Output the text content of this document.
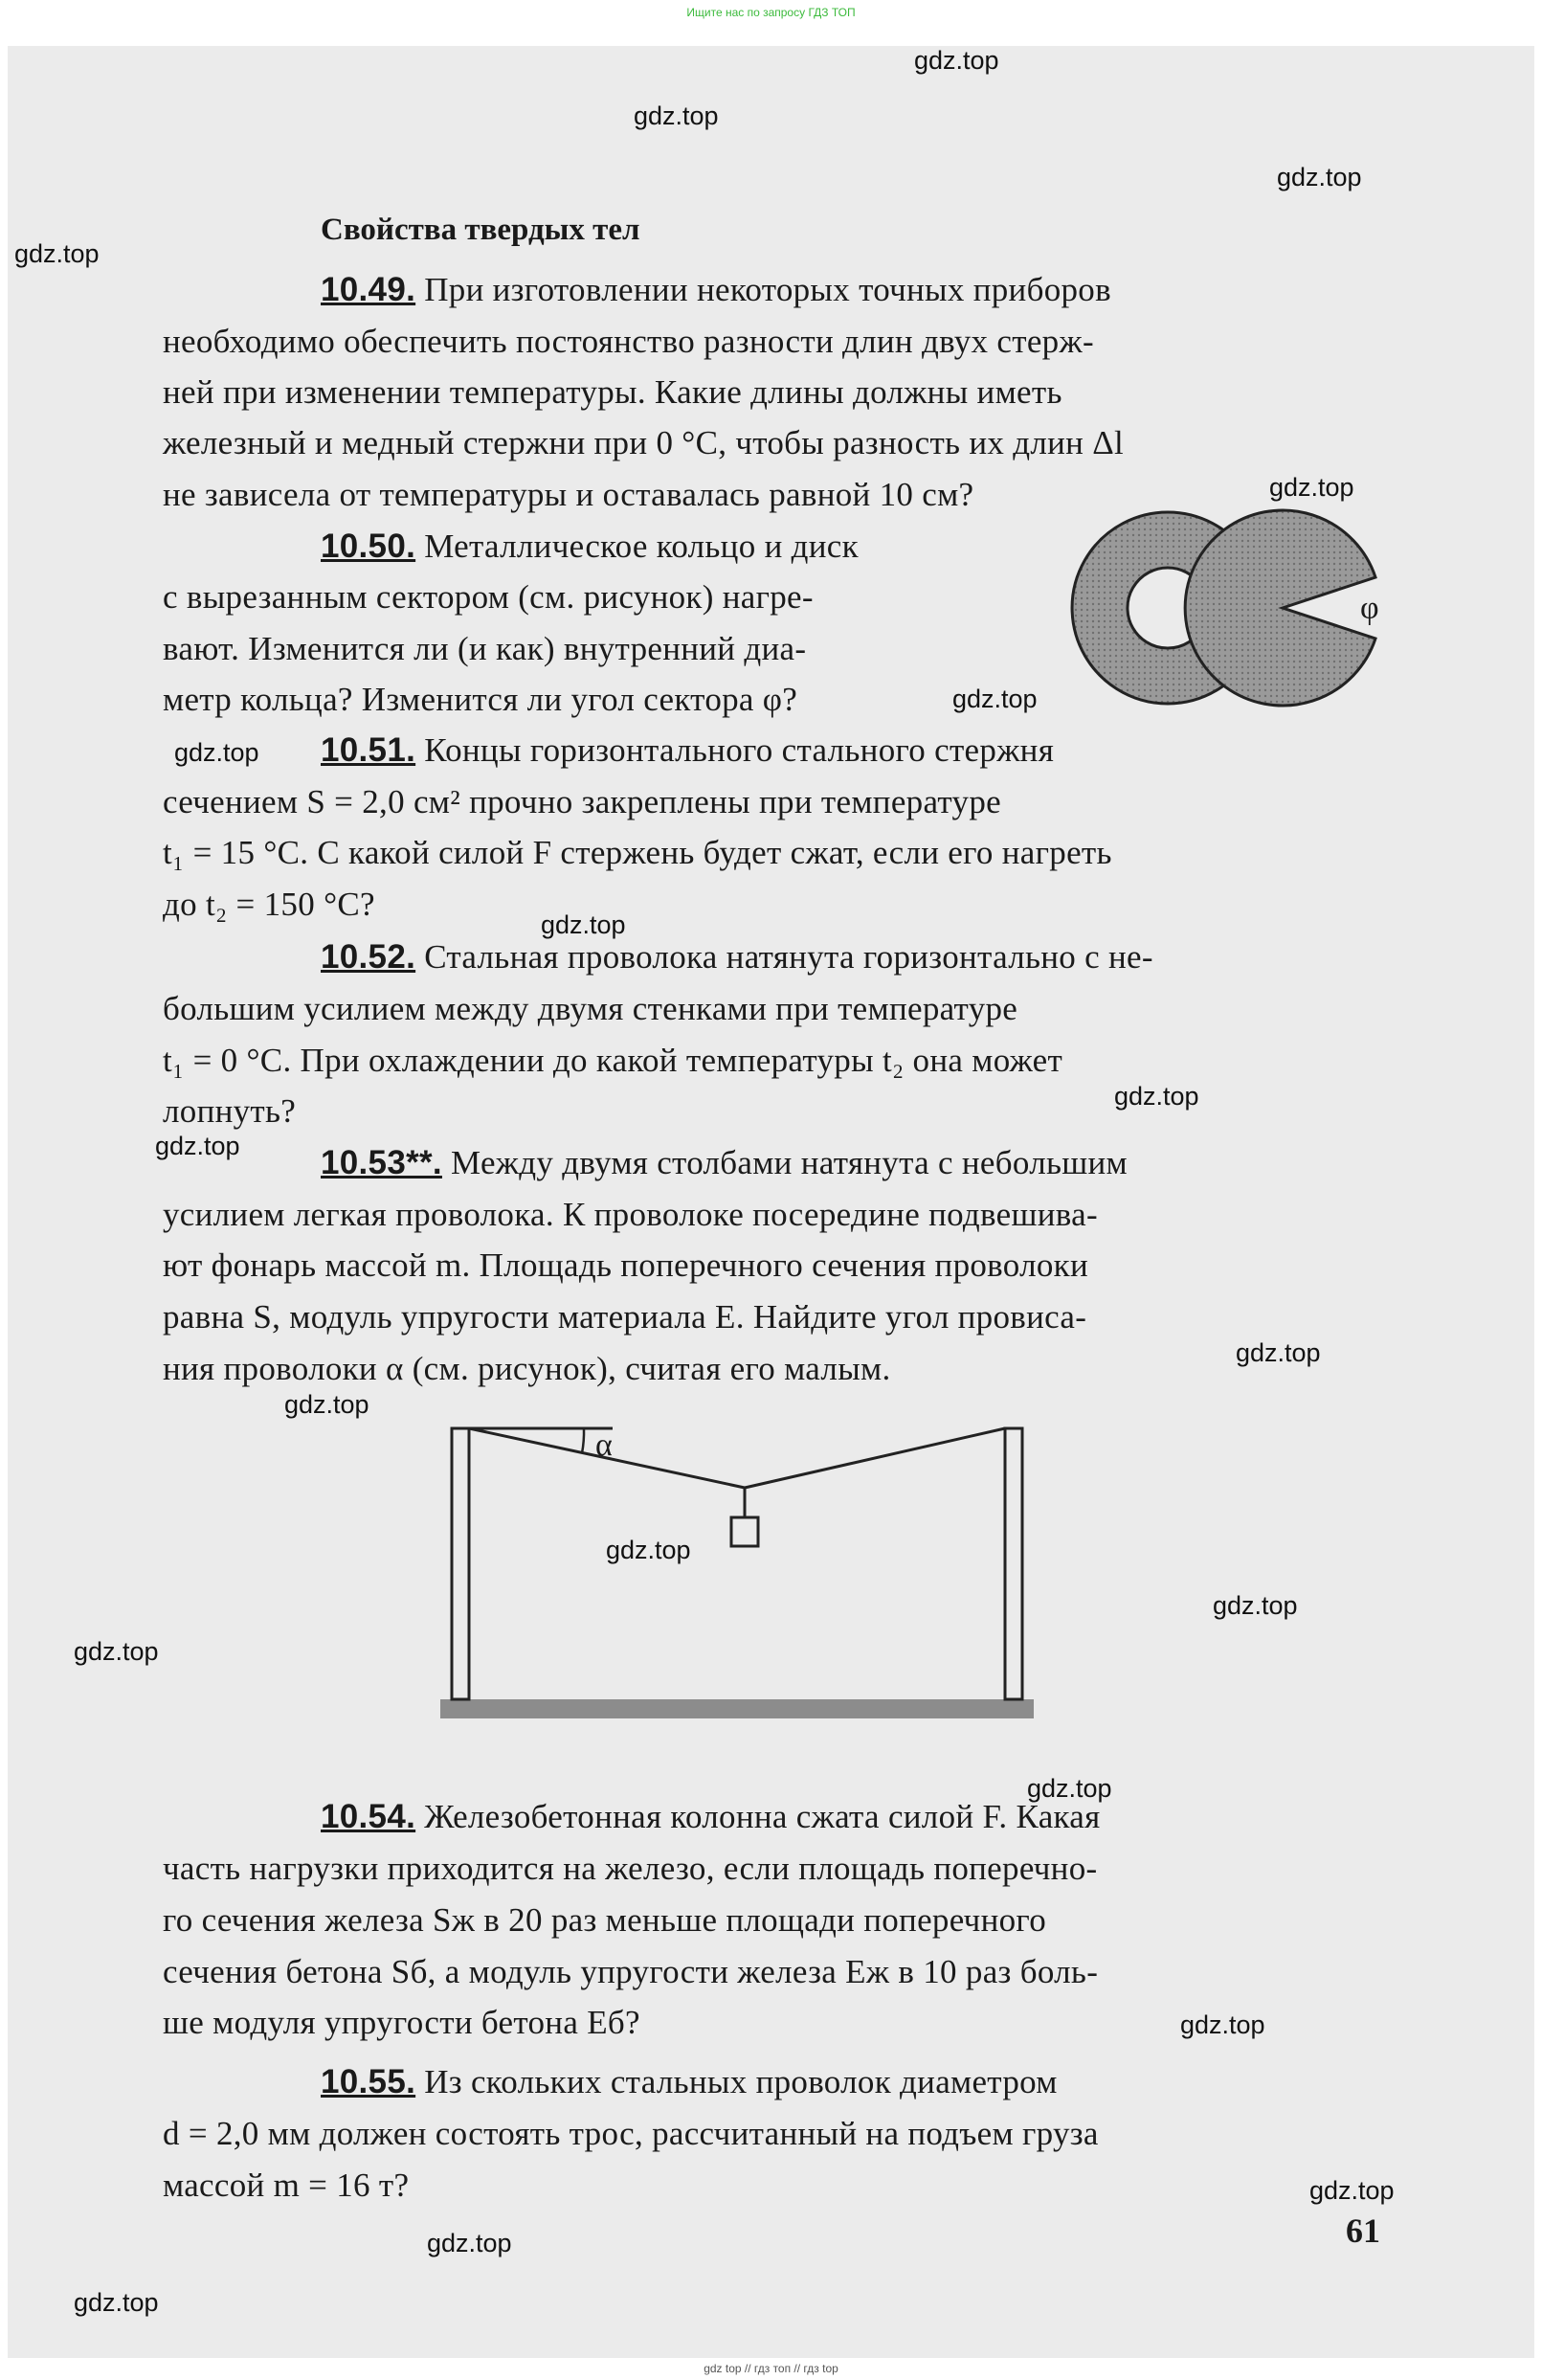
Ищите нас по запросу ГДЗ ТОП
gdz.top
gdz.top
gdz.top
gdz.top
gdz.top
gdz.top
gdz.top
gdz.top
gdz.top
gdz.top
gdz.top
gdz.top
gdz.top
gdz.top
gdz.top
gdz.top
gdz.top
gdz.top
gdz.top
gdz.top
Свойства твердых тел
10.49. При изготовлении некоторых точных приборов
необходимо обеспечить постоянство разности длин двух стерж-
ней при изменении температуры. Какие длины должны иметь
железный и медный стержни при 0 °С, чтобы разность их длин Δl
не зависела от температуры и оставалась равной 10 см?
10.50. Металлическое кольцо и диск
с вырезанным сектором (см. рисунок) нагре-
вают. Изменится ли (и как) внутренний диа-
метр кольца? Изменится ли угол сектора φ?
φ
10.51. Концы горизонтального стального стержня
сечением S = 2,0 см² прочно закреплены при температуре
t₁ = 15 °С. С какой силой F стержень будет сжат, если его нагреть
до t₂ = 150 °С?
10.52. Стальная проволока натянута горизонтально с не-
большим усилием между двумя стенками при температуре
t₁ = 0 °С. При охлаждении до какой температуры t₂ она может
лопнуть?
10.53**. Между двумя столбами натянута с небольшим
усилием легкая проволока. К проволоке посередине подвешива-
ют фонарь массой m. Площадь поперечного сечения проволоки
равна S, модуль упругости материала E. Найдите угол провиса-
ния проволоки α (см. рисунок), считая его малым.
α
10.54. Железобетонная колонна сжата силой F. Какая
часть нагрузки приходится на железо, если площадь поперечно-
го сечения железа Sж в 20 раз меньше площади поперечного
сечения бетона Sб, а модуль упругости железа Eж в 10 раз боль-
ше модуля упругости бетона Eб?
10.55. Из скольких стальных проволок диаметром
d = 2,0 мм должен состоять трос, рассчитанный на подъем груза
массой m = 16 т?
61
gdz top // гдз топ // гдз top
